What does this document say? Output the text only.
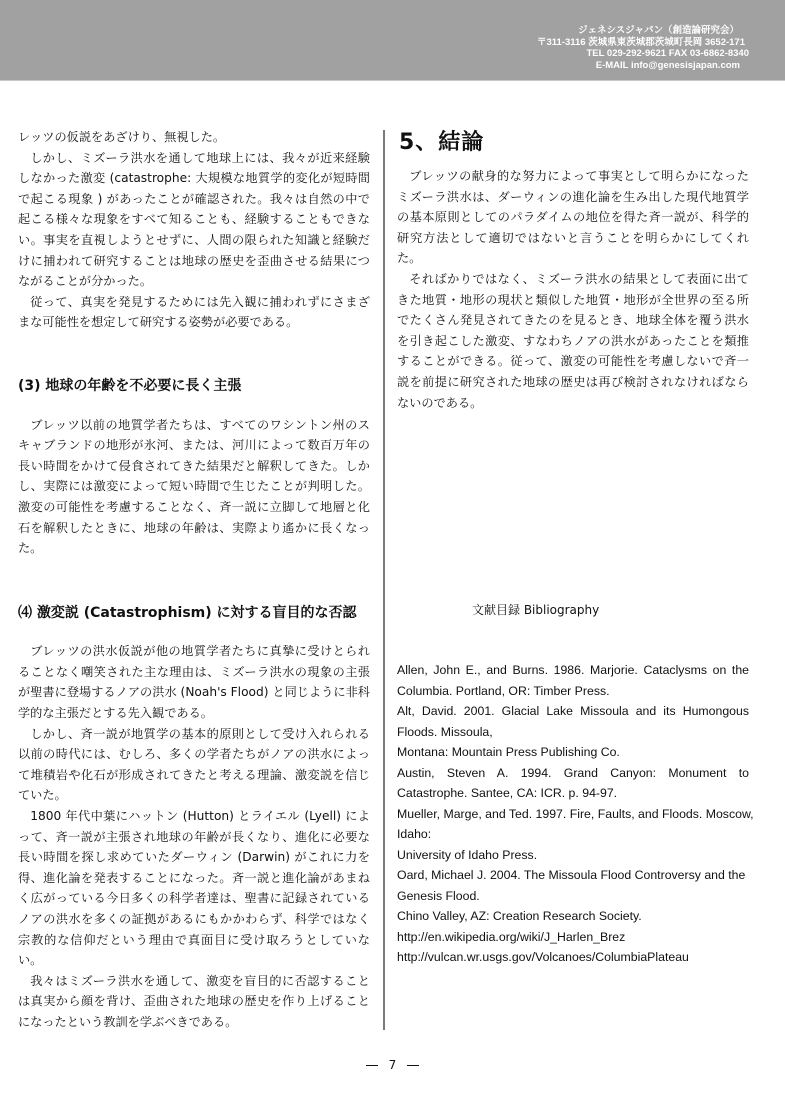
ジェネシスジャパン（創造論研究会）
〒311-3116 茨城県東茨城郡茨城町長岡 3652-171
TEL 029-292-9621 FAX 03-6862-8340
E-MAIL info@genesisjapan.com

レッツの仮説をあざけり、無視した。

しかし、ミズーラ洪水を通して地球上には、我々が近来経験しなかった激変 (catastrophe: 大規模な地質学的変化が短時間で起こる現象 ) があったことが確認された。我々は自然の中で起こる様々な現象をすべて知ることも、経験することもできない。事実を直視しようとせずに、人間の限られた知識と経験だけに捕われて研究することは地球の歴史を歪曲させる結果につながることが分かった。

従って、真実を発見するためには先入観に捕われずにさまざまな可能性を想定して研究する姿勢が必要である。

(3) 地球の年齢を不必要に長く主張

ブレッツ以前の地質学者たちは、すべてのワシントン州のスキャブランドの地形が氷河、または、河川によって数百万年の長い時間をかけて侵食されてきた結果だと解釈してきた。しかし、実際には激変によって短い時間で生じたことが判明した。激変の可能性を考慮することなく、斉一説に立脚して地層と化石を解釈したときに、地球の年齢は、実際より遙かに長くなった。

⑷ 激変説 (Catastrophism) に対する盲目的な否認

ブレッツの洪水仮説が他の地質学者たちに真摯に受けとられることなく嘲笑された主な理由は、ミズーラ洪水の現象の主張が聖書に登場するノアの洪水 (Noah's Flood) と同じように非科学的な主張だとする先入観である。

しかし、斉一説が地質学の基本的原則として受け入れられる以前の時代には、むしろ、多くの学者たちがノアの洪水によって堆積岩や化石が形成されてきたと考える理論、激変説を信じていた。

1800 年代中葉にハットン (Hutton) とライエル (Lyell) によって、斉一説が主張され地球の年齢が長くなり、進化に必要な長い時間を探し求めていたダーウィン (Darwin) がこれに力を得、進化論を発表することになった。斉一説と進化論があまねく広がっている今日多くの科学者達は、聖書に記録されているノアの洪水を多くの証拠があるにもかかわらず、科学ではなく宗教的な信仰だという理由で真面目に受け取ろうとしていない。

我々はミズーラ洪水を通して、激変を盲目的に否認することは真実から顔を背け、歪曲された地球の歴史を作り上げることになったという教訓を学ぶべきである。

5、結論

ブレッツの献身的な努力によって事実として明らかになったミズーラ洪水は、ダーウィンの進化論を生み出した現代地質学の基本原則としてのパラダイムの地位を得た斉一説が、科学的研究方法として適切ではないと言うことを明らかにしてくれた。

そればかりではなく、ミズーラ洪水の結果として表面に出てきた地質・地形の現状と類似した地質・地形が全世界の至る所でたくさん発見されてきたのを見るとき、地球全体を覆う洪水を引き起こした激変、すなわちノアの洪水があったことを類推することができる。従って、激変の可能性を考慮しないで斉一説を前提に研究された地球の歴史は再び検討されなければならないのである。

文献目録 Bibliography
Allen, John E., and Burns. 1986. Marjorie. Cataclysms on the
Columbia. Portland, OR: Timber Press.
Alt, David. 2001. Glacial Lake Missoula and its Humongous
Floods. Missoula,
Montana: Mountain Press Publishing Co.
Austin, Steven A. 1994. Grand Canyon: Monument to
Catastrophe. Santee, CA: ICR. p. 94-97.
Mueller, Marge, and Ted. 1997. Fire, Faults, and Floods. Moscow,
Idaho:
University of Idaho Press.
Oard, Michael J. 2004. The Missoula Flood Controversy and the
Genesis Flood.
Chino Valley, AZ: Creation Research Society.
http://en.wikipedia.org/wiki/J_Harlen_Brez
http://vulcan.wr.usgs.gov/Volcanoes/ColumbiaPlateau
7
